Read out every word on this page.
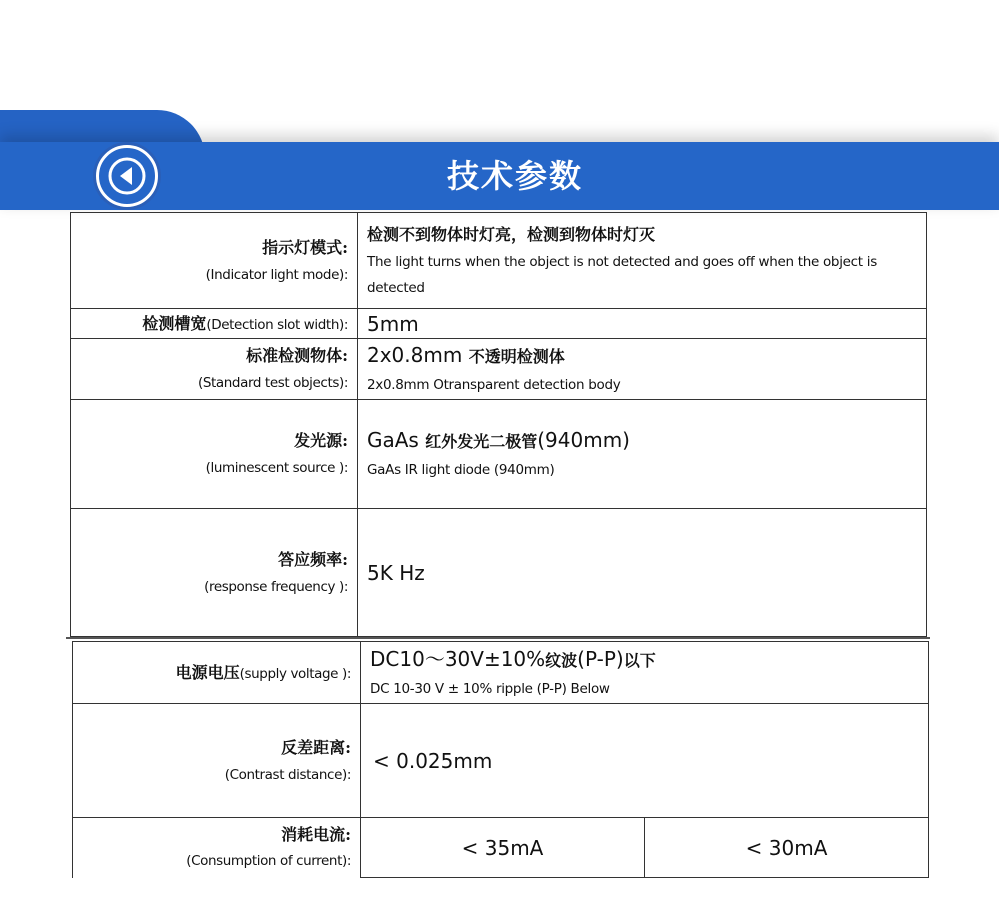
技术参数
指示灯模式:
(Indicator light mode):	检测不到物体时灯亮，检测到物体时灯灭
The light turns when the object is not detected and goes off when the object is detected

检测槽宽(Detection slot width):	5mm

标准检测物体:
(Standard test objects):	2x0.8mm 不透明检测体
2x0.8mm Otransparent detection body

发光源:
(luminescent source ):	GaAs 红外发光二极管(940mm)
GaAs IR light diode (940mm)

答应频率:
(response frequency ):	5K Hz
电源电压(supply voltage ):	DC10～30V±10%纹波(P-P)以下
DC 10-30 V ± 10% ripple (P-P) Below	

反差距离:
(Contrast distance):	< 0.025mm	

消耗电流:
(Consumption of current):	< 35mA	< 30mA
